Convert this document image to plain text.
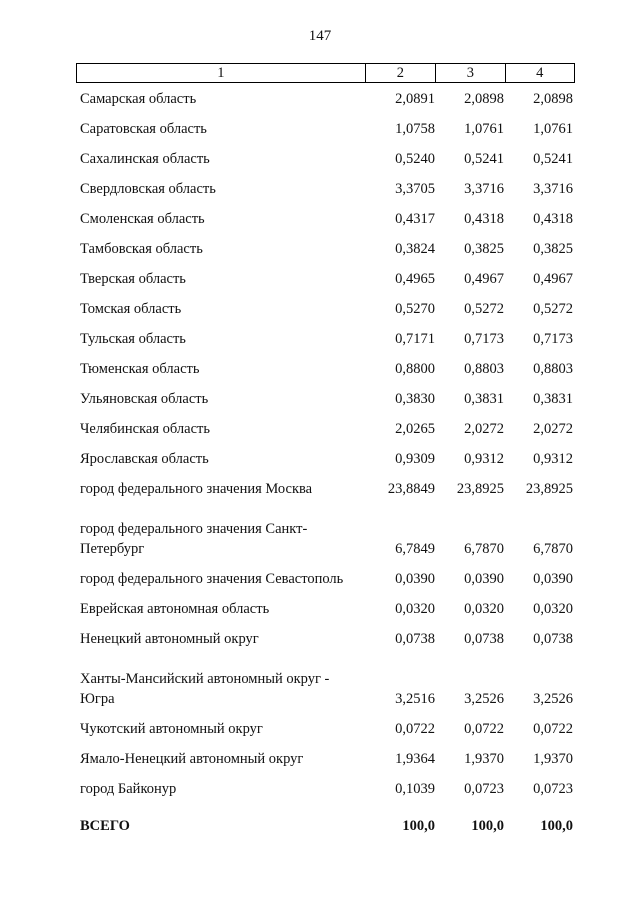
147
1	2	3	4
Самарская область	2,0891	2,0898	2,0898
Саратовская область	1,0758	1,0761	1,0761
Сахалинская область	0,5240	0,5241	0,5241
Свердловская область	3,3705	3,3716	3,3716
Смоленская область	0,4317	0,4318	0,4318
Тамбовская область	0,3824	0,3825	0,3825
Тверская область	0,4965	0,4967	0,4967
Томская область	0,5270	0,5272	0,5272
Тульская область	0,7171	0,7173	0,7173
Тюменская область	0,8800	0,8803	0,8803
Ульяновская область	0,3830	0,3831	0,3831
Челябинская область	2,0265	2,0272	2,0272
Ярославская область	0,9309	0,9312	0,9312
город федерального значения Москва	23,8849	23,8925	23,8925
город федерального значения Санкт-Петербург	6,7849	6,7870	6,7870
город федерального значения Севастополь	0,0390	0,0390	0,0390
Еврейская автономная область	0,0320	0,0320	0,0320
Ненецкий автономный округ	0,0738	0,0738	0,0738
Ханты-Мансийский автономный округ - Югра	3,2516	3,2526	3,2526
Чукотский автономный округ	0,0722	0,0722	0,0722
Ямало-Ненецкий автономный округ	1,9364	1,9370	1,9370
город Байконур	0,1039	0,0723	0,0723
ВСЕГО	100,0	100,0	100,0
